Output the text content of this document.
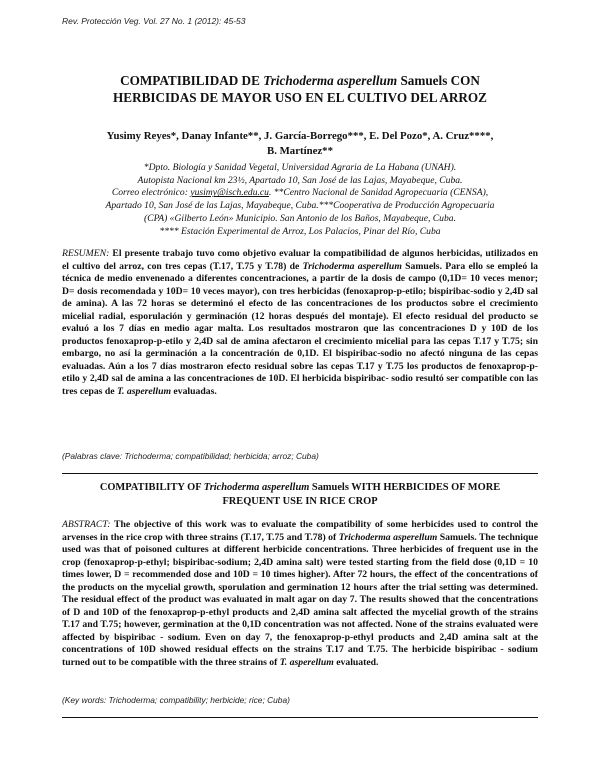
Rev. Protección Veg. Vol. 27 No. 1 (2012): 45-53
COMPATIBILIDAD DE Trichoderma asperellum Samuels CON
HERBICIDAS DE MAYOR USO EN EL CULTIVO DEL ARROZ
Yusimy Reyes*, Danay Infante**, J. García-Borrego***, E. Del Pozo*, A. Cruz****,
B. Martínez**
*Dpto. Biología y Sanidad Vegetal, Universidad Agraria de La Habana (UNAH).
Autopista Nacional km 23½, Apartado 10, San José de las Lajas, Mayabeque, Cuba.
Correo electrónico: yusimy@isch.edu.cu. **Centro Nacional de Sanidad Agropecuaria (CENSA),
Apartado 10, San José de las Lajas, Mayabeque, Cuba.***Cooperativa de Producción Agropecuaria
(CPA) «Gilberto León» Municipio. San Antonio de los Baños, Mayabeque, Cuba.
**** Estación Experimental de Arroz, Los Palacios, Pinar del Río, Cuba
RESUMEN: El presente trabajo tuvo como objetivo evaluar la compatibilidad de algunos herbicidas, utilizados en el cultivo del arroz, con tres cepas (T.17, T.75 y T.78) de Trichoderma asperellum Samuels. Para ello se empleó la técnica de medio envenenado a diferentes concentraciones, a partir de la dosis de campo (0,1D= 10 veces menor; D= dosis recomendada y 10D= 10 veces mayor), con tres herbicidas (fenoxaprop-p-etilo; bispiribac-sodio y 2,4D sal de amina). A las 72 horas se determinó el efecto de las concentraciones de los productos sobre el crecimiento micelial radial, esporulación y germinación (12 horas después del montaje). El efecto residual del producto se evaluó a los 7 días en medio agar malta. Los resultados mostraron que las concentraciones D y 10D de los productos fenoxaprop-p-etilo y 2,4D sal de amina afectaron el crecimiento micelial para las cepas T.17 y T.75; sin embargo, no así la germinación a la concentración de 0,1D. El bispiribac-sodio no afectó ninguna de las cepas evaluadas. Aún a los 7 días mostraron efecto residual sobre las cepas T.17 y T.75 los productos de fenoxaprop-p-etilo y 2,4D sal de amina a las concentraciones de 10D. El herbicida bispiribac- sodio resultó ser compatible con las tres cepas de T. asperellum evaluadas.
(Palabras clave: Trichoderma; compatibilidad; herbicida; arroz; Cuba)
COMPATIBILITY OF Trichoderma asperellum Samuels WITH HERBICIDES OF MORE FREQUENT USE IN RICE CROP
ABSTRACT: The objective of this work was to evaluate the compatibility of some herbicides used to control the arvenses in the rice crop with three strains (T.17, T.75 and T.78) of Trichoderma asperellum Samuels. The technique used was that of poisoned cultures at different herbicide concentrations. Three herbicides of frequent use in the crop (fenoxaprop-p-ethyl; bispiribac-sodium; 2,4D amina salt) were tested starting from the field dose (0,1D = 10 times lower, D = recommended dose and 10D = 10 times higher). After 72 hours, the effect of the concentrations of the products on the mycelial growth, sporulation and germination 12 hours after the trial setting was determined. The residual effect of the product was evaluated in malt agar on day 7. The results showed that the concentrations of D and 10D of the fenoxaprop-p-ethyl products and 2,4D amina salt affected the mycelial growth of the strains T.17 and T.75; however, germination at the 0,1D concentration was not affected. None of the strains evaluated were affected by bispiribac - sodium. Even on day 7, the fenoxaprop-p-ethyl products and 2,4D amina salt at the concentrations of 10D showed residual effects on the strains T.17 and T.75. The herbicide bispiribac - sodium turned out to be compatible with the three strains of T. asperellum evaluated.
(Key words: Trichoderma; compatibility; herbicide; rice; Cuba)
